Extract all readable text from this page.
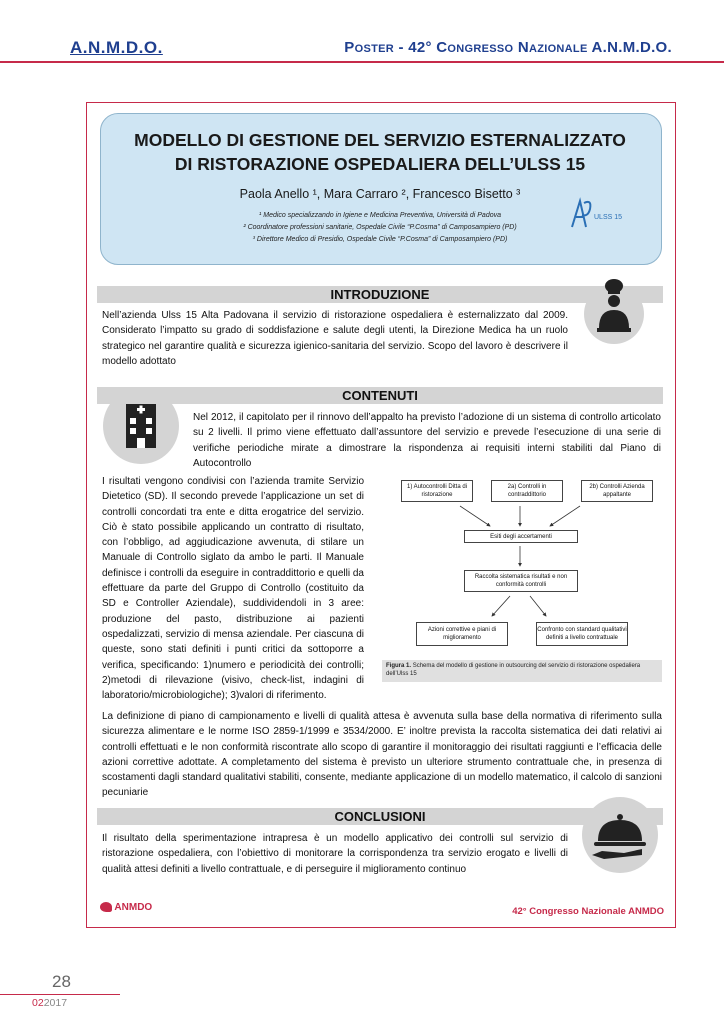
A.N.M.D.O.	Poster - 42° Congresso Nazionale A.N.M.D.O.
MODELLO DI GESTIONE DEL SERVIZIO ESTERNALIZZATO
DI RISTORAZIONE OSPEDALIERA DELL’ULSS 15
Paola Anello ¹, Mara Carraro ², Francesco Bisetto ³
¹ Medico specializzando in Igiene e Medicina Preventiva, Università di Padova
² Coordinatore professioni sanitarie, Ospedale Civile “P.Cosma” di Camposampiero (PD)
³ Direttore Medico di Presidio, Ospedale Civile “P.Cosma” di Camposampiero (PD)
ULSS 15
INTRODUZIONE
Nell’azienda Ulss 15 Alta Padovana il servizio di ristorazione ospedaliera è esternalizzato dal 2009. Considerato l’impatto su grado di soddisfazione e salute degli utenti, la Direzione Medica ha un ruolo strategico nel garantire qualità e sicurezza igienico-sanitaria del servizio. Scopo del lavoro è descrivere il modello adottato
CONTENUTI
Nel 2012, il capitolato per il rinnovo dell’appalto ha previsto l’adozione di un sistema di controllo articolato su 2 livelli. Il primo viene effettuato dall’assuntore del servizio e prevede l’esecuzione di una serie di verifiche periodiche mirate a dimostrare la rispondenza ai requisiti interni stabiliti dal Piano di Autocontrollo
I risultati vengono condivisi con l’azienda tramite Servizio Dietetico (SD). Il secondo prevede l’applicazione un set di controlli concordati tra ente e ditta erogatrice del servizio. Ciò è stato possibile applicando un contratto di risultato, con l’obbligo, ad aggiudicazione avvenuta, di stilare un Manuale di Controllo siglato da ambo le parti. Il Manuale definisce i controlli da eseguire in contraddittorio e quelli da effettuare da parte del Gruppo di Controllo (costituito da SD e Controller Aziendale), suddividendoli in 3 aree: produzione del pasto, distribuzione ai pazienti ospedalizzati, servizio di mensa aziendale. Per ciascuna di queste, sono stati definiti i punti critici da sottoporre a verifica, specificando: 1)numero e periodicità dei controlli; 2)metodi di rilevazione (visivo, check-list, indagini di laboratorio/microbiologiche); 3)valori di riferimento.
1) Autocontrolli Ditta di ristorazione
2a) Controlli in contraddittorio
2b) Controlli Azienda appaltante
Esiti degli accertamenti
Raccolta sistematica risultati e non conformità controlli
Azioni correttive e piani di miglioramento
Confronto con standard qualitativi definiti a livello contrattuale
Figura 1. Schema del modello di gestione in outsourcing del servizio di ristorazione ospedaliera dell’Ulss 15
La definizione di piano di campionamento e livelli di qualità attesa è avvenuta sulla base della normativa di riferimento sulla sicurezza alimentare e le norme ISO 2859-1/1999 e 3534/2000. E’ inoltre prevista la raccolta sistematica dei dati relativi ai controlli effettuati e le non conformità riscontrate allo scopo di garantire il monitoraggio dei risultati raggiunti e l’efficacia delle azioni correttive adottate. A completamento del sistema è previsto un ulteriore strumento contrattuale che, in presenza di scostamenti dagli standard qualitativi stabiliti, consente, mediante applicazione di un modello matematico, il calcolo di sanzioni pecuniarie
CONCLUSIONI
Il risultato della sperimentazione intrapresa è un modello applicativo dei controlli sul servizio di ristorazione ospedaliera, con l’obiettivo di monitorare la corrispondenza tra servizio erogato e livelli di qualità attesi definiti a livello contrattuale, e di perseguire il miglioramento continuo
ANMDO	42° Congresso Nazionale ANMDO
28
022017
